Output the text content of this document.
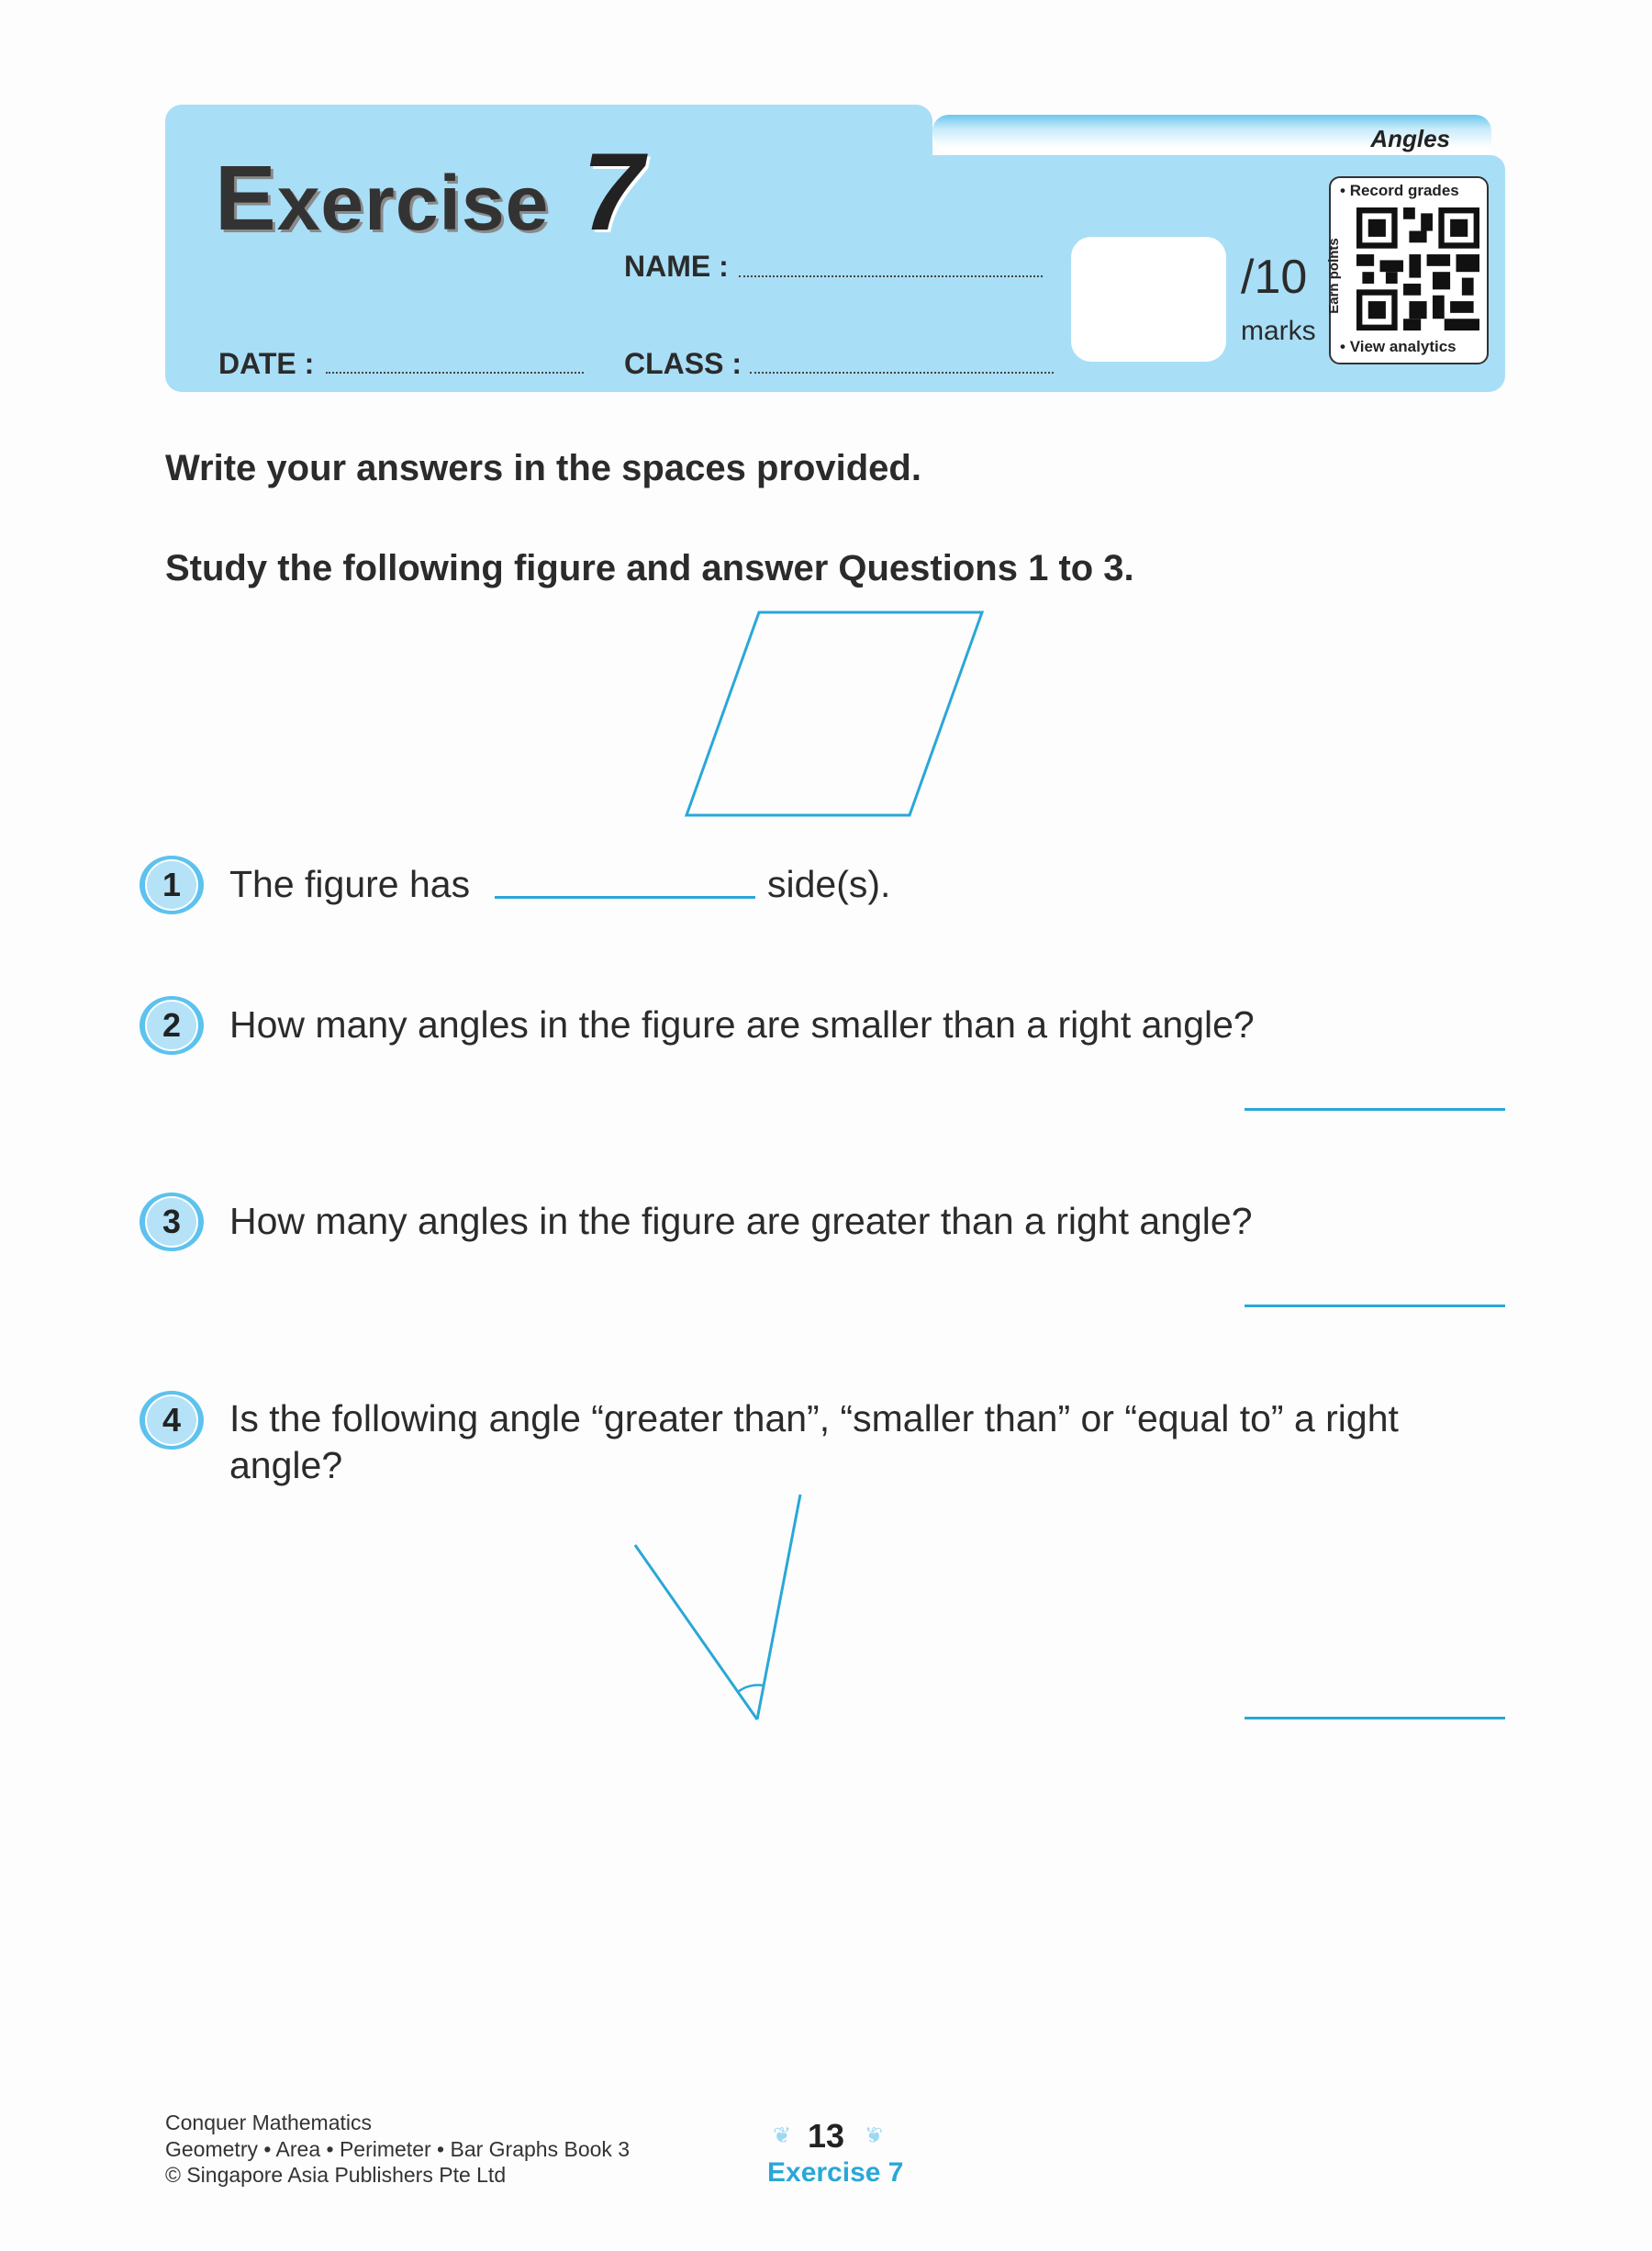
Angles
Exercise 7
NAME :
DATE :	CLASS :
/10
marks
• Record grades
Earn points
• View analytics
Write your answers in the spaces provided.
Study the following figure and answer Questions 1 to 3.
1	The figure has	side(s).
2	How many angles in the figure are smaller than a right angle?
3	How many angles in the figure are greater than a right angle?
4	Is the following angle “greater than”, “smaller than” or “equal to” a right angle?
Conquer Mathematics
Geometry • Area • Perimeter • Bar Graphs Book 3
© Singapore Asia Publishers Pte Ltd
❦ 13 ❦
Exercise 7
